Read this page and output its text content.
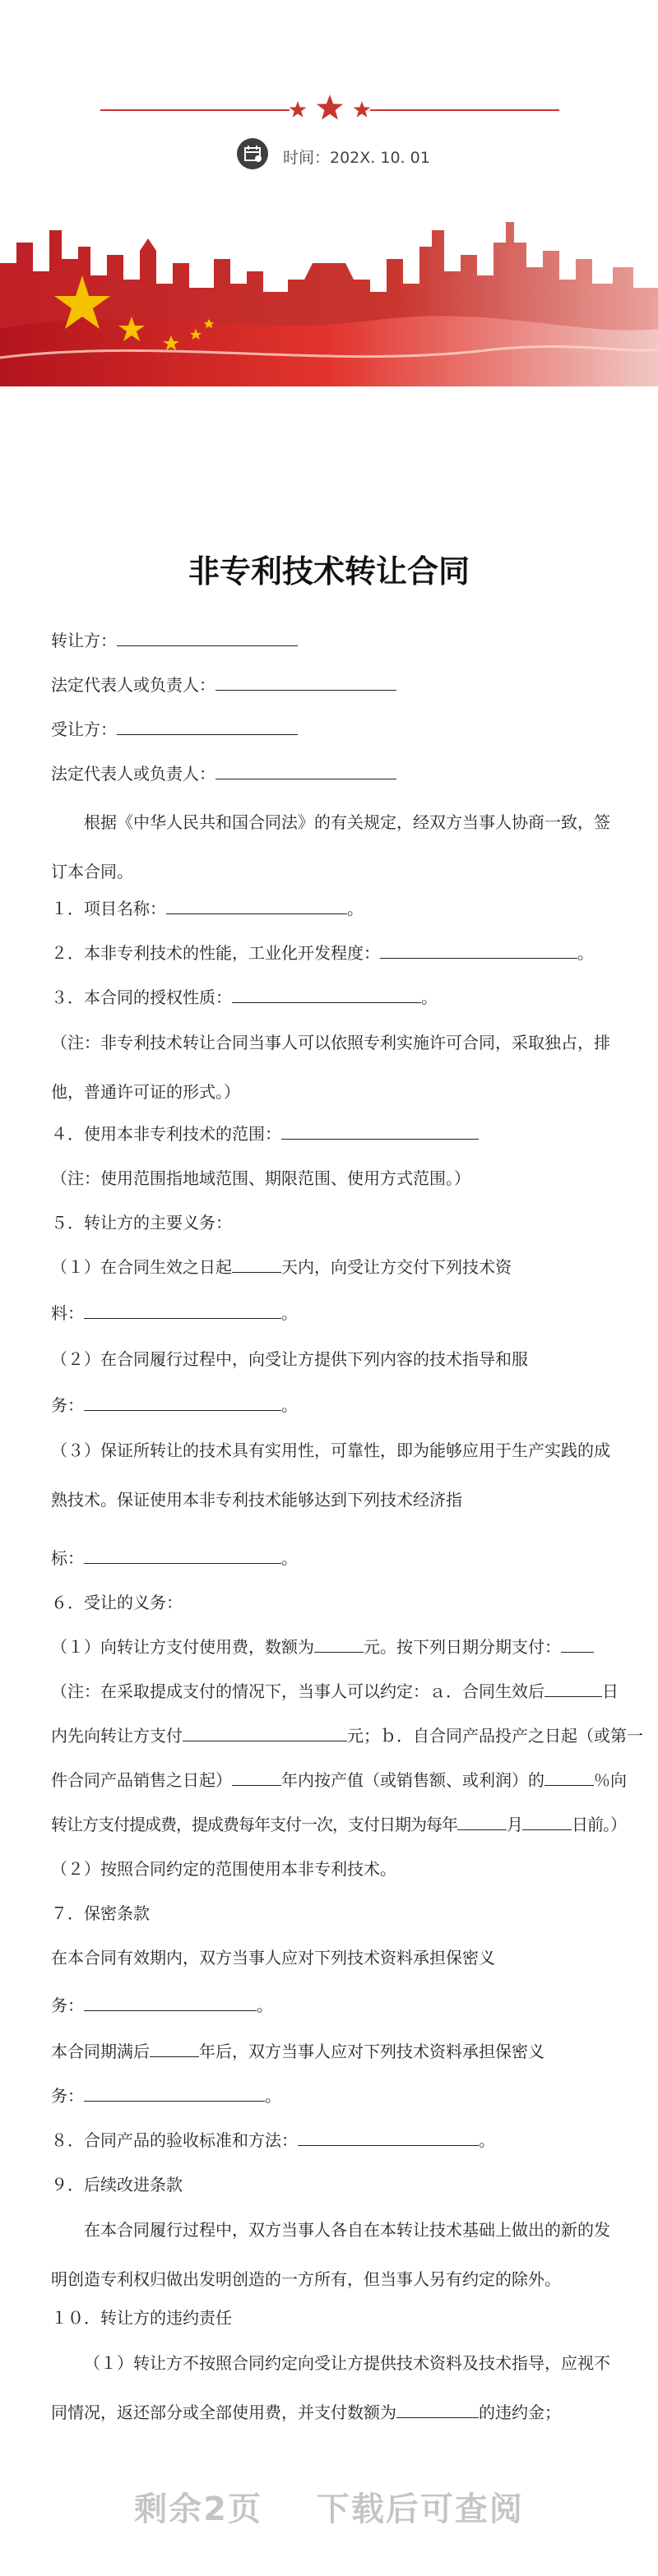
时间：202X. 10. 01
非专利技术转让合同
转让方：
法定代表人或负责人：
受让方：
法定代表人或负责人：
根据《中华人民共和国合同法》的有关规定，经双方当事人协商一致，签订本合同。
１．项目名称：	。
２．本非专利技术的性能，工业化开发程度：	。
３．本合同的授权性质：	。
（注：非专利技术转让合同当事人可以依照专利实施许可合同，采取独占，排他，普通许可证的形式。）
４．使用本非专利技术的范围：
（注：使用范围指地域范围、期限范围、使用方式范围。）
５．转让方的主要义务：
（１）在合同生效之日起	天内，向受让方交付下列技术资
料：	。
（２）在合同履行过程中，向受让方提供下列内容的技术指导和服
务：	。
（３）保证所转让的技术具有实用性，可靠性，即为能够应用于生产实践的成熟技术。保证使用本非专利技术能够达到下列技术经济指
标：	。
６．受让的义务：
（１）向转让方支付使用费，数额为	元。按下列日期分期支付：
（注：在采取提成支付的情况下，当事人可以约定：ａ．合同生效后	日
内先向转让方支付	元；ｂ．自合同产品投产之日起（或第一
件合同产品销售之日起）	年内按产值（或销售额、或利润）的	％向
转让方支付提成费，提成费每年支付一次，支付日期为每年	月	日前。）
（２）按照合同约定的范围使用本非专利技术。
７．保密条款
在本合同有效期内，双方当事人应对下列技术资料承担保密义
务：	。
本合同期满后	年后，双方当事人应对下列技术资料承担保密义
务：	。
８．合同产品的验收标准和方法：	。
９．后续改进条款
在本合同履行过程中，双方当事人各自在本转让技术基础上做出的新的发明创造专利权归做出发明创造的一方所有，但当事人另有约定的除外。
１０．转让方的违约责任
（１）转让方不按照合同约定向受让方提供技术资料及技术指导，应视不同情况，返还部分或全部使用费，并支付数额为	的违约金；
剩余2页 下载后可查阅
